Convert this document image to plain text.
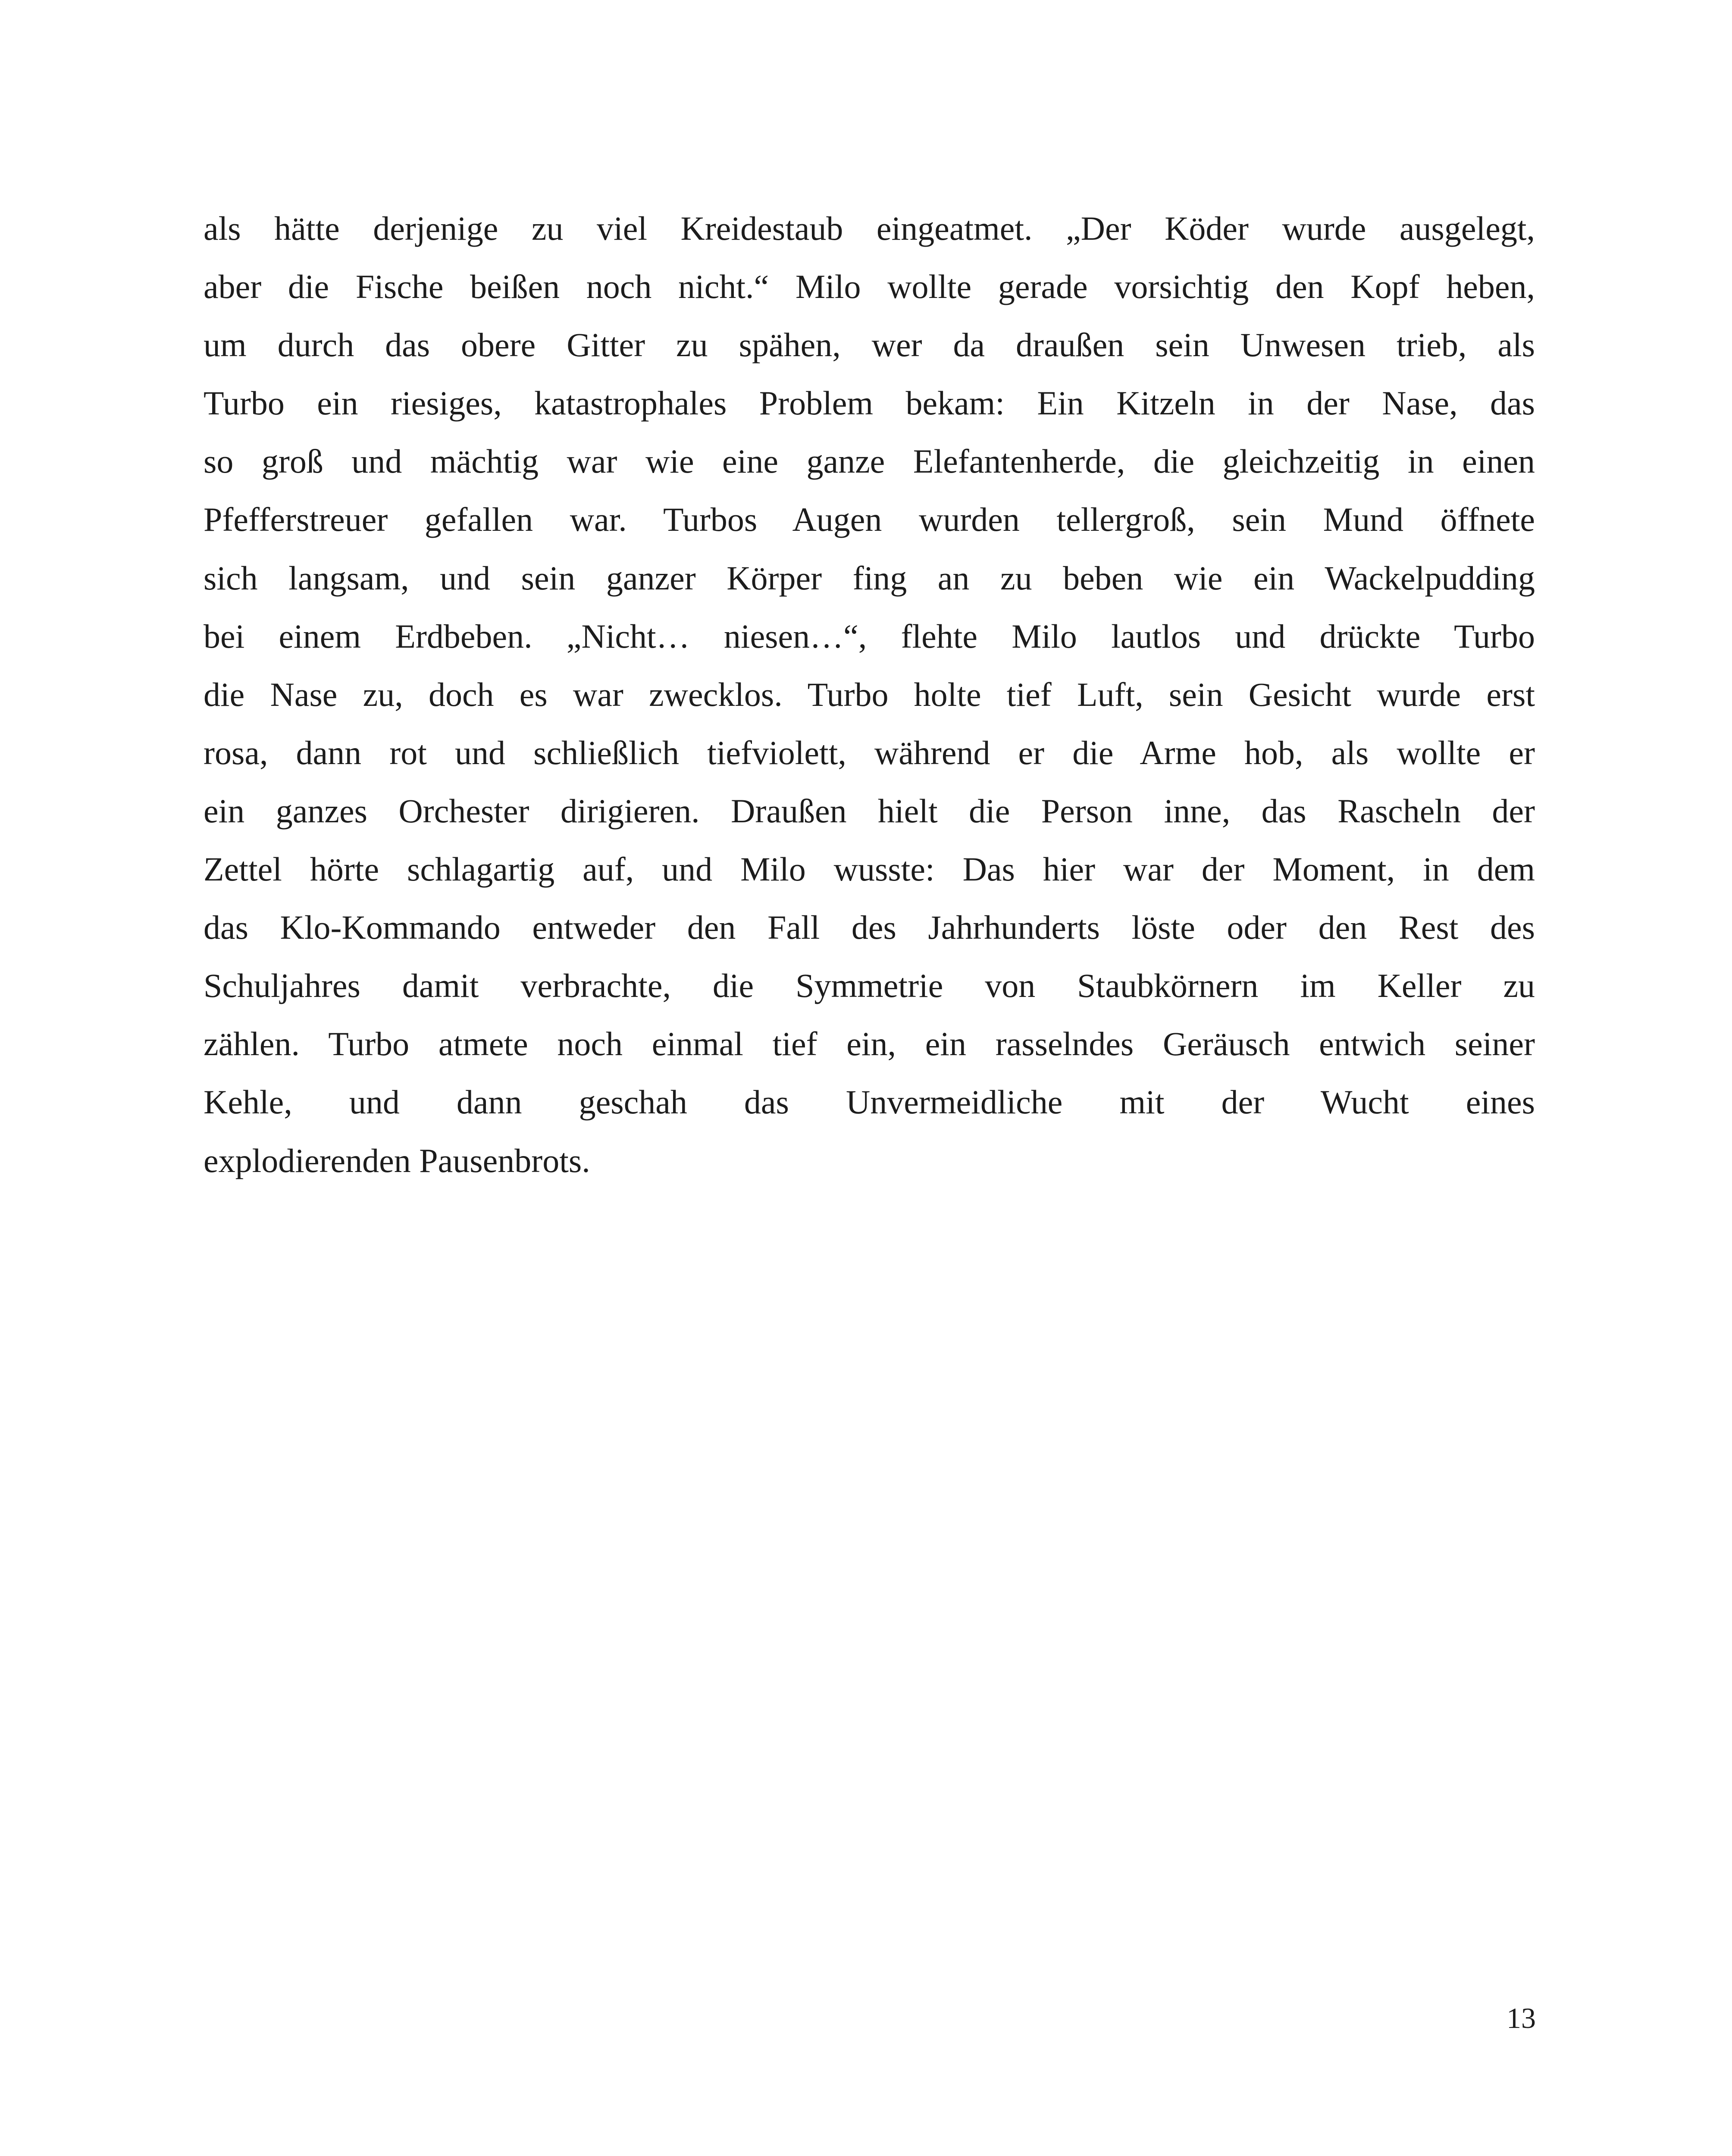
als hätte derjenige zu viel Kreidestaub eingeatmet. „Der Köder wurde ausgelegt,
aber die Fische beißen noch nicht.“ Milo wollte gerade vorsichtig den Kopf heben,
um durch das obere Gitter zu spähen, wer da draußen sein Unwesen trieb, als
Turbo ein riesiges, katastrophales Problem bekam: Ein Kitzeln in der Nase, das
so groß und mächtig war wie eine ganze Elefantenherde, die gleichzeitig in einen
Pfefferstreuer gefallen war. Turbos Augen wurden tellergroß, sein Mund öffnete
sich langsam, und sein ganzer Körper fing an zu beben wie ein Wackelpudding
bei einem Erdbeben. „Nicht… niesen…“, flehte Milo lautlos und drückte Turbo
die Nase zu, doch es war zwecklos. Turbo holte tief Luft, sein Gesicht wurde erst
rosa, dann rot und schließlich tiefviolett, während er die Arme hob, als wollte er
ein ganzes Orchester dirigieren. Draußen hielt die Person inne, das Rascheln der
Zettel hörte schlagartig auf, und Milo wusste: Das hier war der Moment, in dem
das Klo-Kommando entweder den Fall des Jahrhunderts löste oder den Rest des
Schuljahres damit verbrachte, die Symmetrie von Staubkörnern im Keller zu
zählen. Turbo atmete noch einmal tief ein, ein rasselndes Geräusch entwich seiner
Kehle, und dann geschah das Unvermeidliche mit der Wucht eines
explodierenden Pausenbrots.
13
